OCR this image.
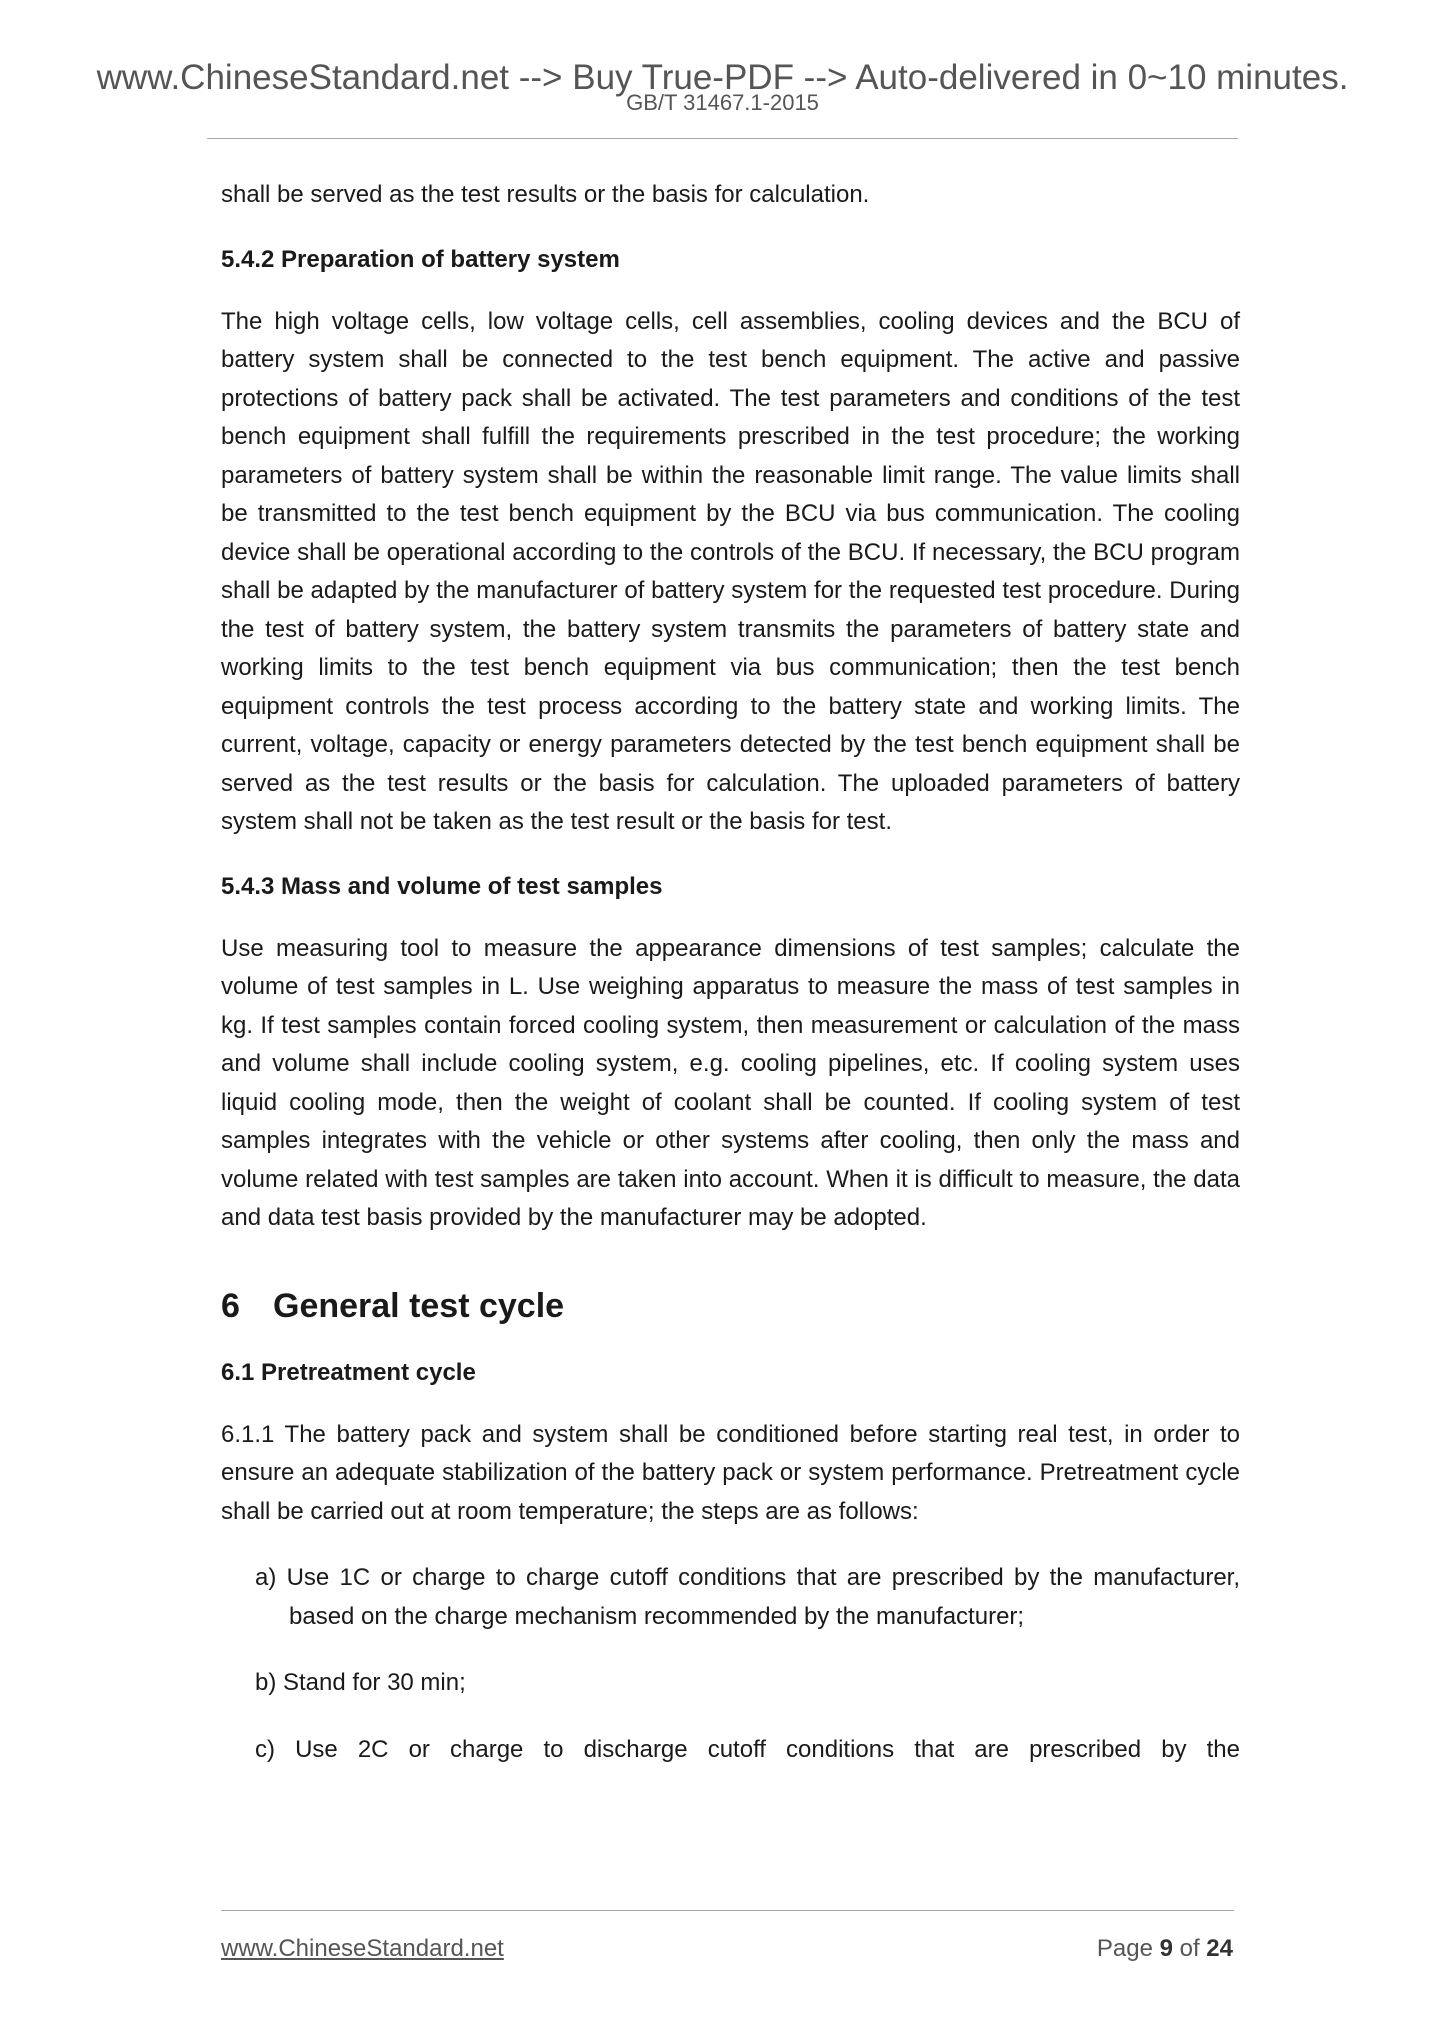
www.ChineseStandard.net --> Buy True-PDF --> Auto-delivered in 0~10 minutes.
GB/T 31467.1-2015

shall be served as the test results or the basis for calculation.

5.4.2 Preparation of battery system

The high voltage cells, low voltage cells, cell assemblies, cooling devices and the BCU of battery system shall be connected to the test bench equipment. The active and passive protections of battery pack shall be activated. The test parameters and conditions of the test bench equipment shall fulfill the requirements prescribed in the test procedure; the working parameters of battery system shall be within the reasonable limit range. The value limits shall be transmitted to the test bench equipment by the BCU via bus communication. The cooling device shall be operational according to the controls of the BCU. If necessary, the BCU program shall be adapted by the manufacturer of battery system for the requested test procedure. During the test of battery system, the battery system transmits the parameters of battery state and working limits to the test bench equipment via bus communication; then the test bench equipment controls the test process according to the battery state and working limits. The current, voltage, capacity or energy parameters detected by the test bench equipment shall be served as the test results or the basis for calculation. The uploaded parameters of battery system shall not be taken as the test result or the basis for test.

5.4.3 Mass and volume of test samples

Use measuring tool to measure the appearance dimensions of test samples; calculate the volume of test samples in L. Use weighing apparatus to measure the mass of test samples in kg. If test samples contain forced cooling system, then measurement or calculation of the mass and volume shall include cooling system, e.g. cooling pipelines, etc. If cooling system uses liquid cooling mode, then the weight of coolant shall be counted. If cooling system of test samples integrates with the vehicle or other systems after cooling, then only the mass and volume related with test samples are taken into account. When it is difficult to measure, the data and data test basis provided by the manufacturer may be adopted.

6 General test cycle
6.1 Pretreatment cycle

6.1.1 The battery pack and system shall be conditioned before starting real test, in order to ensure an adequate stabilization of the battery pack or system performance. Pretreatment cycle shall be carried out at room temperature; the steps are as follows:

a) Use 1C or charge to charge cutoff conditions that are prescribed by the manufacturer, based on the charge mechanism recommended by the manufacturer;
b) Stand for 30 min;
c) Use 2C or charge to discharge cutoff conditions that are prescribed by the
www.ChineseStandard.net	Page 9 of 24
